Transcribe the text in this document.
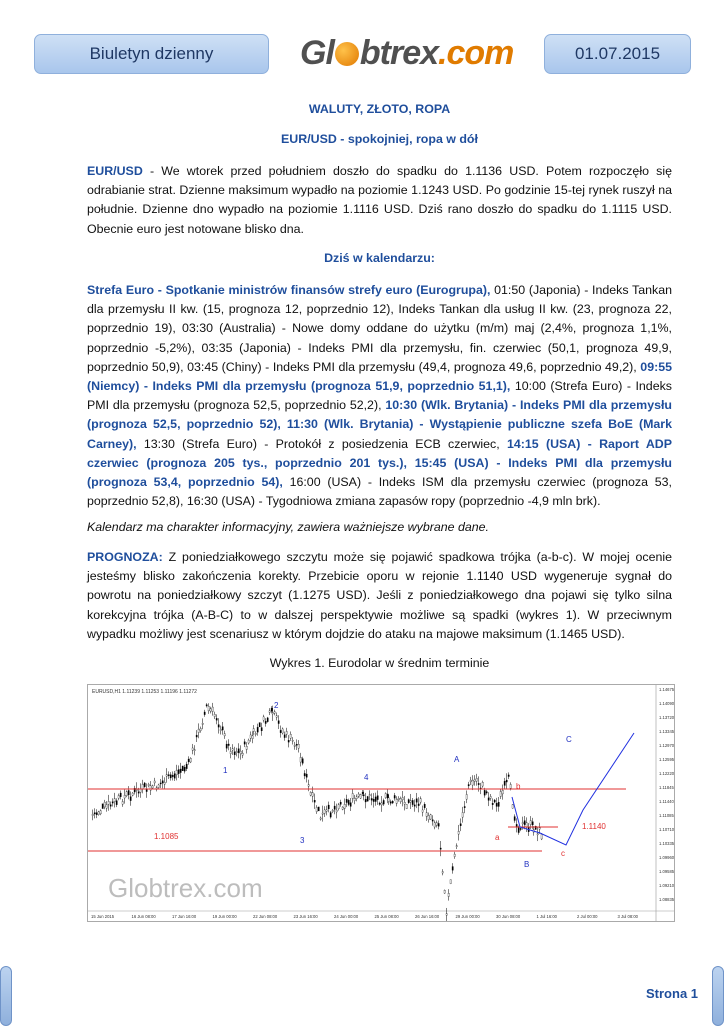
Biuletyn dzienny	Gl btrex.com	01.07.2015
WALUTY, ZŁOTO, ROPA
EUR/USD - spokojniej, ropa w dół
EUR/USD - We wtorek przed południem doszło do spadku do 1.1136 USD. Potem rozpoczęło się odrabianie strat. Dzienne maksimum wypadło na poziomie 1.1243 USD. Po godzinie 15-tej rynek ruszył na południe. Dzienne dno wypadło na poziomie 1.1116 USD. Dziś rano doszło do spadku do 1.1115 USD. Obecnie euro jest notowane blisko dna.
Dziś w kalendarzu:
Strefa Euro - Spotkanie ministrów finansów strefy euro (Eurogrupa), 01:50 (Japonia) - Indeks Tankan dla przemysłu II kw. (15, prognoza 12, poprzednio 12), Indeks Tankan dla usług II kw. (23, prognoza 22, poprzednio 19), 03:30 (Australia) - Nowe domy oddane do użytku (m/m) maj (2,4%, prognoza 1,1%, poprzednio -5,2%), 03:35 (Japonia) - Indeks PMI dla przemysłu, fin. czerwiec (50,1, prognoza 49,9, poprzednio 50,9), 03:45 (Chiny) - Indeks PMI dla przemysłu (49,4, prognoza 49,6, poprzednio 49,2), 09:55 (Niemcy) - Indeks PMI dla przemysłu (prognoza 51,9, poprzednio 51,1), 10:00 (Strefa Euro) - Indeks PMI dla przemysłu (prognoza 52,5, poprzednio 52,2), 10:30 (Wlk. Brytania) - Indeks PMI dla przemysłu (prognoza 52,5, poprzednio 52), 11:30 (Wlk. Brytania) - Wystąpienie publiczne szefa BoE (Mark Carney), 13:30 (Strefa Euro) - Protokół z posiedzenia ECB czerwiec, 14:15 (USA) - Raport ADP czerwiec (prognoza 205 tys., poprzednio 201 tys.), 15:45 (USA) - Indeks PMI dla przemysłu (prognoza 53,4, poprzednio 54), 16:00 (USA) - Indeks ISM dla przemysłu czerwiec (prognoza 53, poprzednio 52,8), 16:30 (USA) - Tygodniowa zmiana zapasów ropy (poprzednio -4,9 mln brk).
Kalendarz ma charakter informacyjny, zawiera ważniejsze wybrane dane.
PROGNOZA: Z poniedziałkowego szczytu może się pojawić spadkowa trójka (a-b-c). W mojej ocenie jesteśmy blisko zakończenia korekty. Przebicie oporu w rejonie 1.1140 USD wygeneruje sygnał do powrotu na poniedziałkowy szczyt (1.1275 USD). Jeśli z poniedziałkowego dna pojawi się tylko silna korekcyjna trójka (A-B-C) to w dalszej perspektywie możliwe są spadki (wykres 1). W przeciwnym wypadku możliwy jest scenariusz w którym dojdzie do ataku na majowe maksimum (1.1465 USD).
Wykres 1. Eurodolar w średnim terminie
EURUSD,H1 1.11239 1.11253 1.11196 1.11272	1.14675
1.14090
1.13720
1.13345
1.12970
1.12595
1.12220
1.11845
1.11440
1.11085
1.10710
1.10335
1.09960
1.09585
1.09210
1.08835
15 Jun 2015	16 Jun 08:00	17 Jun 16:00	19 Jun 00:00	22 Jun 08:00	23 Jun 16:00	24 Jun 00:00	25 Jun 08:00	26 Jun 16:00	29 Jun 00:00	30 Jun 08:00	1 Jul 16:00	2 Jul 00:00	3 Jul 08:00
Globtrex.com
1.1085
1.1140
1
2
3
4
A
B
C
a
b
c
Strona 1
